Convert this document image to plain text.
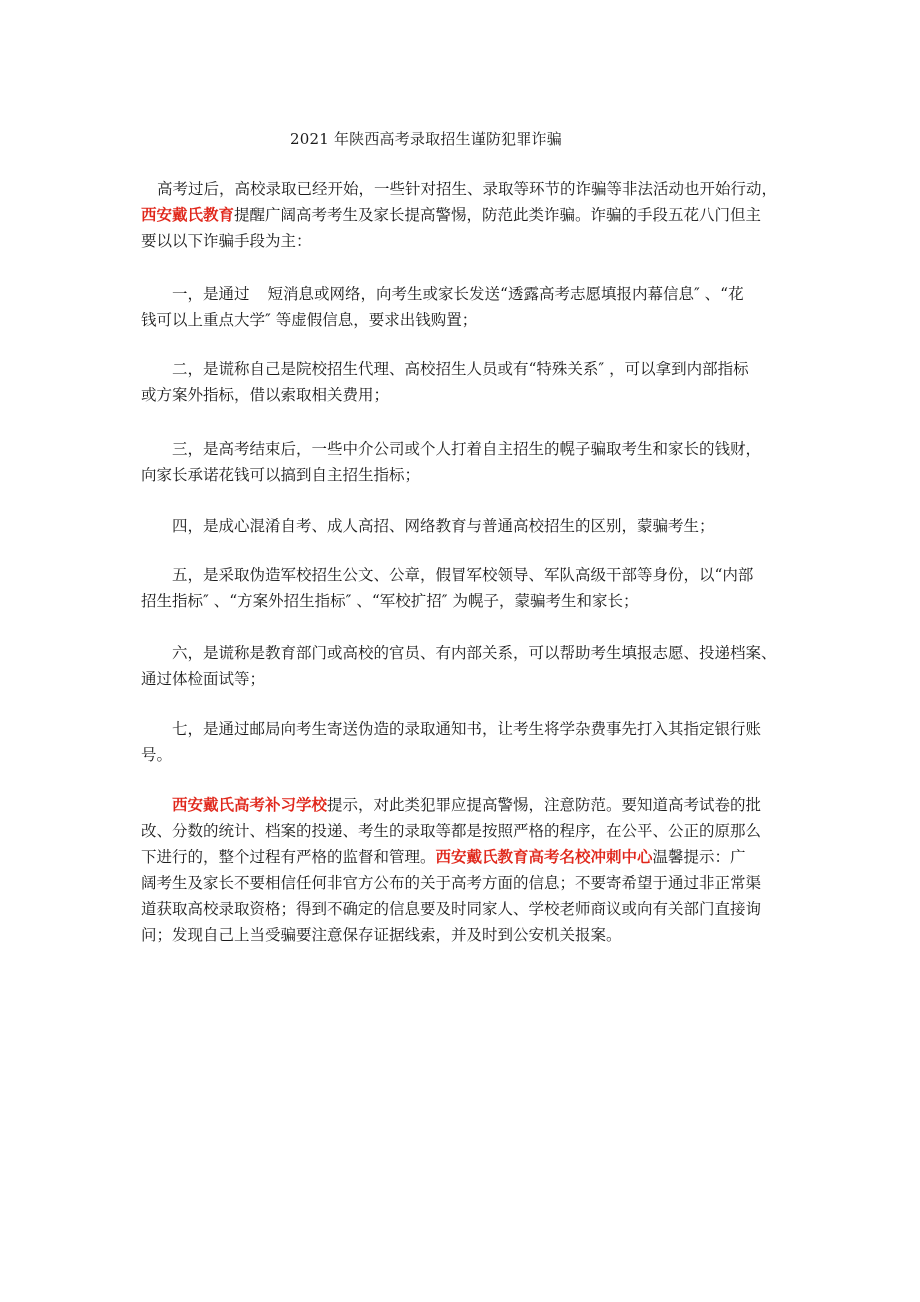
2021 年陕西高考录取招生谨防犯罪诈骗
高考过后，高校录取已经开始，一些针对招生、录取等环节的诈骗等非法活动也开始行动，
西安戴氏教育提醒广阔高考考生及家长提高警惕，防范此类诈骗。诈骗的手段五花八门但主
要以以下诈骗手段为主：
一，是通过 短消息或网络，向考生或家长发送“透露高考志愿填报内幕信息″ 、“花
钱可以上重点大学″ 等虚假信息，要求出钱购置；
二，是谎称自己是院校招生代理、高校招生人员或有“特殊关系″ ，可以拿到内部指标
或方案外指标，借以索取相关费用；
三，是高考结束后，一些中介公司或个人打着自主招生的幌子骗取考生和家长的钱财，
向家长承诺花钱可以搞到自主招生指标；
四，是成心混淆自考、成人高招、网络教育与普通高校招生的区别，蒙骗考生；
五，是采取伪造军校招生公文、公章，假冒军校领导、军队高级干部等身份，以“内部
招生指标″ 、“方案外招生指标″ 、“军校扩招″ 为幌子，蒙骗考生和家长；
六，是谎称是教育部门或高校的官员、有内部关系，可以帮助考生填报志愿、投递档案、
通过体检面试等；
七，是通过邮局向考生寄送伪造的录取通知书，让考生将学杂费事先打入其指定银行账
号。
西安戴氏高考补习学校提示，对此类犯罪应提高警惕，注意防范。要知道高考试卷的批
改、分数的统计、档案的投递、考生的录取等都是按照严格的程序，在公平、公正的原那么
下进行的，整个过程有严格的监督和管理。西安戴氏教育高考名校冲刺中心温馨提示：广
阔考生及家长不要相信任何非官方公布的关于高考方面的信息；不要寄希望于通过非正常渠
道获取高校录取资格；得到不确定的信息要及时同家人、学校老师商议或向有关部门直接询
问；发现自己上当受骗要注意保存证据线索，并及时到公安机关报案。
